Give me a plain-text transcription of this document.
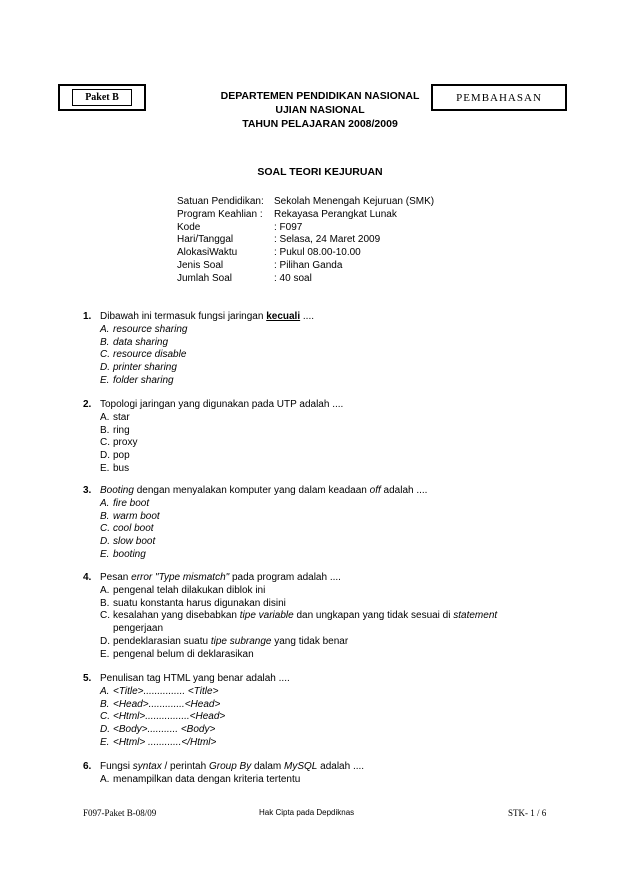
Paket B	PEMBAHASAN
DEPARTEMEN PENDIDIKAN NASIONAL
UJIAN NASIONAL
TAHUN PELAJARAN 2008/2009
SOAL TEORI KEJURUAN
Satuan Pendidikan:	Sekolah Menengah Kejuruan (SMK)
Program Keahlian :	Rekayasa Perangkat Lunak
Kode	: F097
Hari/Tanggal	: Selasa, 24 Maret 2009
AlokasiWaktu	: Pukul 08.00-10.00
Jenis Soal	: Pilihan Ganda
Jumlah Soal	: 40 soal
1. Dibawah ini termasuk fungsi jaringan kecuali ....
A. resource sharing
B. data sharing
C. resource disable
D. printer sharing
E. folder sharing
2. Topologi jaringan yang digunakan pada UTP adalah ....
A. star
B. ring
C. proxy
D. pop
E. bus
3. Booting dengan menyalakan komputer yang dalam keadaan off adalah ....
A. fire boot
B. warm boot
C. cool boot
D. slow boot
E. booting
4. Pesan error "Type mismatch" pada program adalah ....
A. pengenal telah dilakukan diblok ini
B. suatu konstanta harus digunakan disini
C. kesalahan yang disebabkan tipe variable dan ungkapan yang tidak sesuai di statement
pengerjaan
D. pendeklarasian suatu tipe subrange yang tidak benar
E. pengenal belum di deklarasikan
5. Penulisan tag HTML yang benar adalah ....
A. <Title>............... <Title>
B. <Head>.............<Head>
C. <Html>................<Head>
D. <Body>........... <Body>
E. <Html> ............</Html>
6. Fungsi syntax / perintah Group By dalam MySQL adalah ....
A. menampilkan data dengan kriteria tertentu
F097-Paket B-08/09	Hak Cipta pada Depdiknas	STK- 1 / 6
